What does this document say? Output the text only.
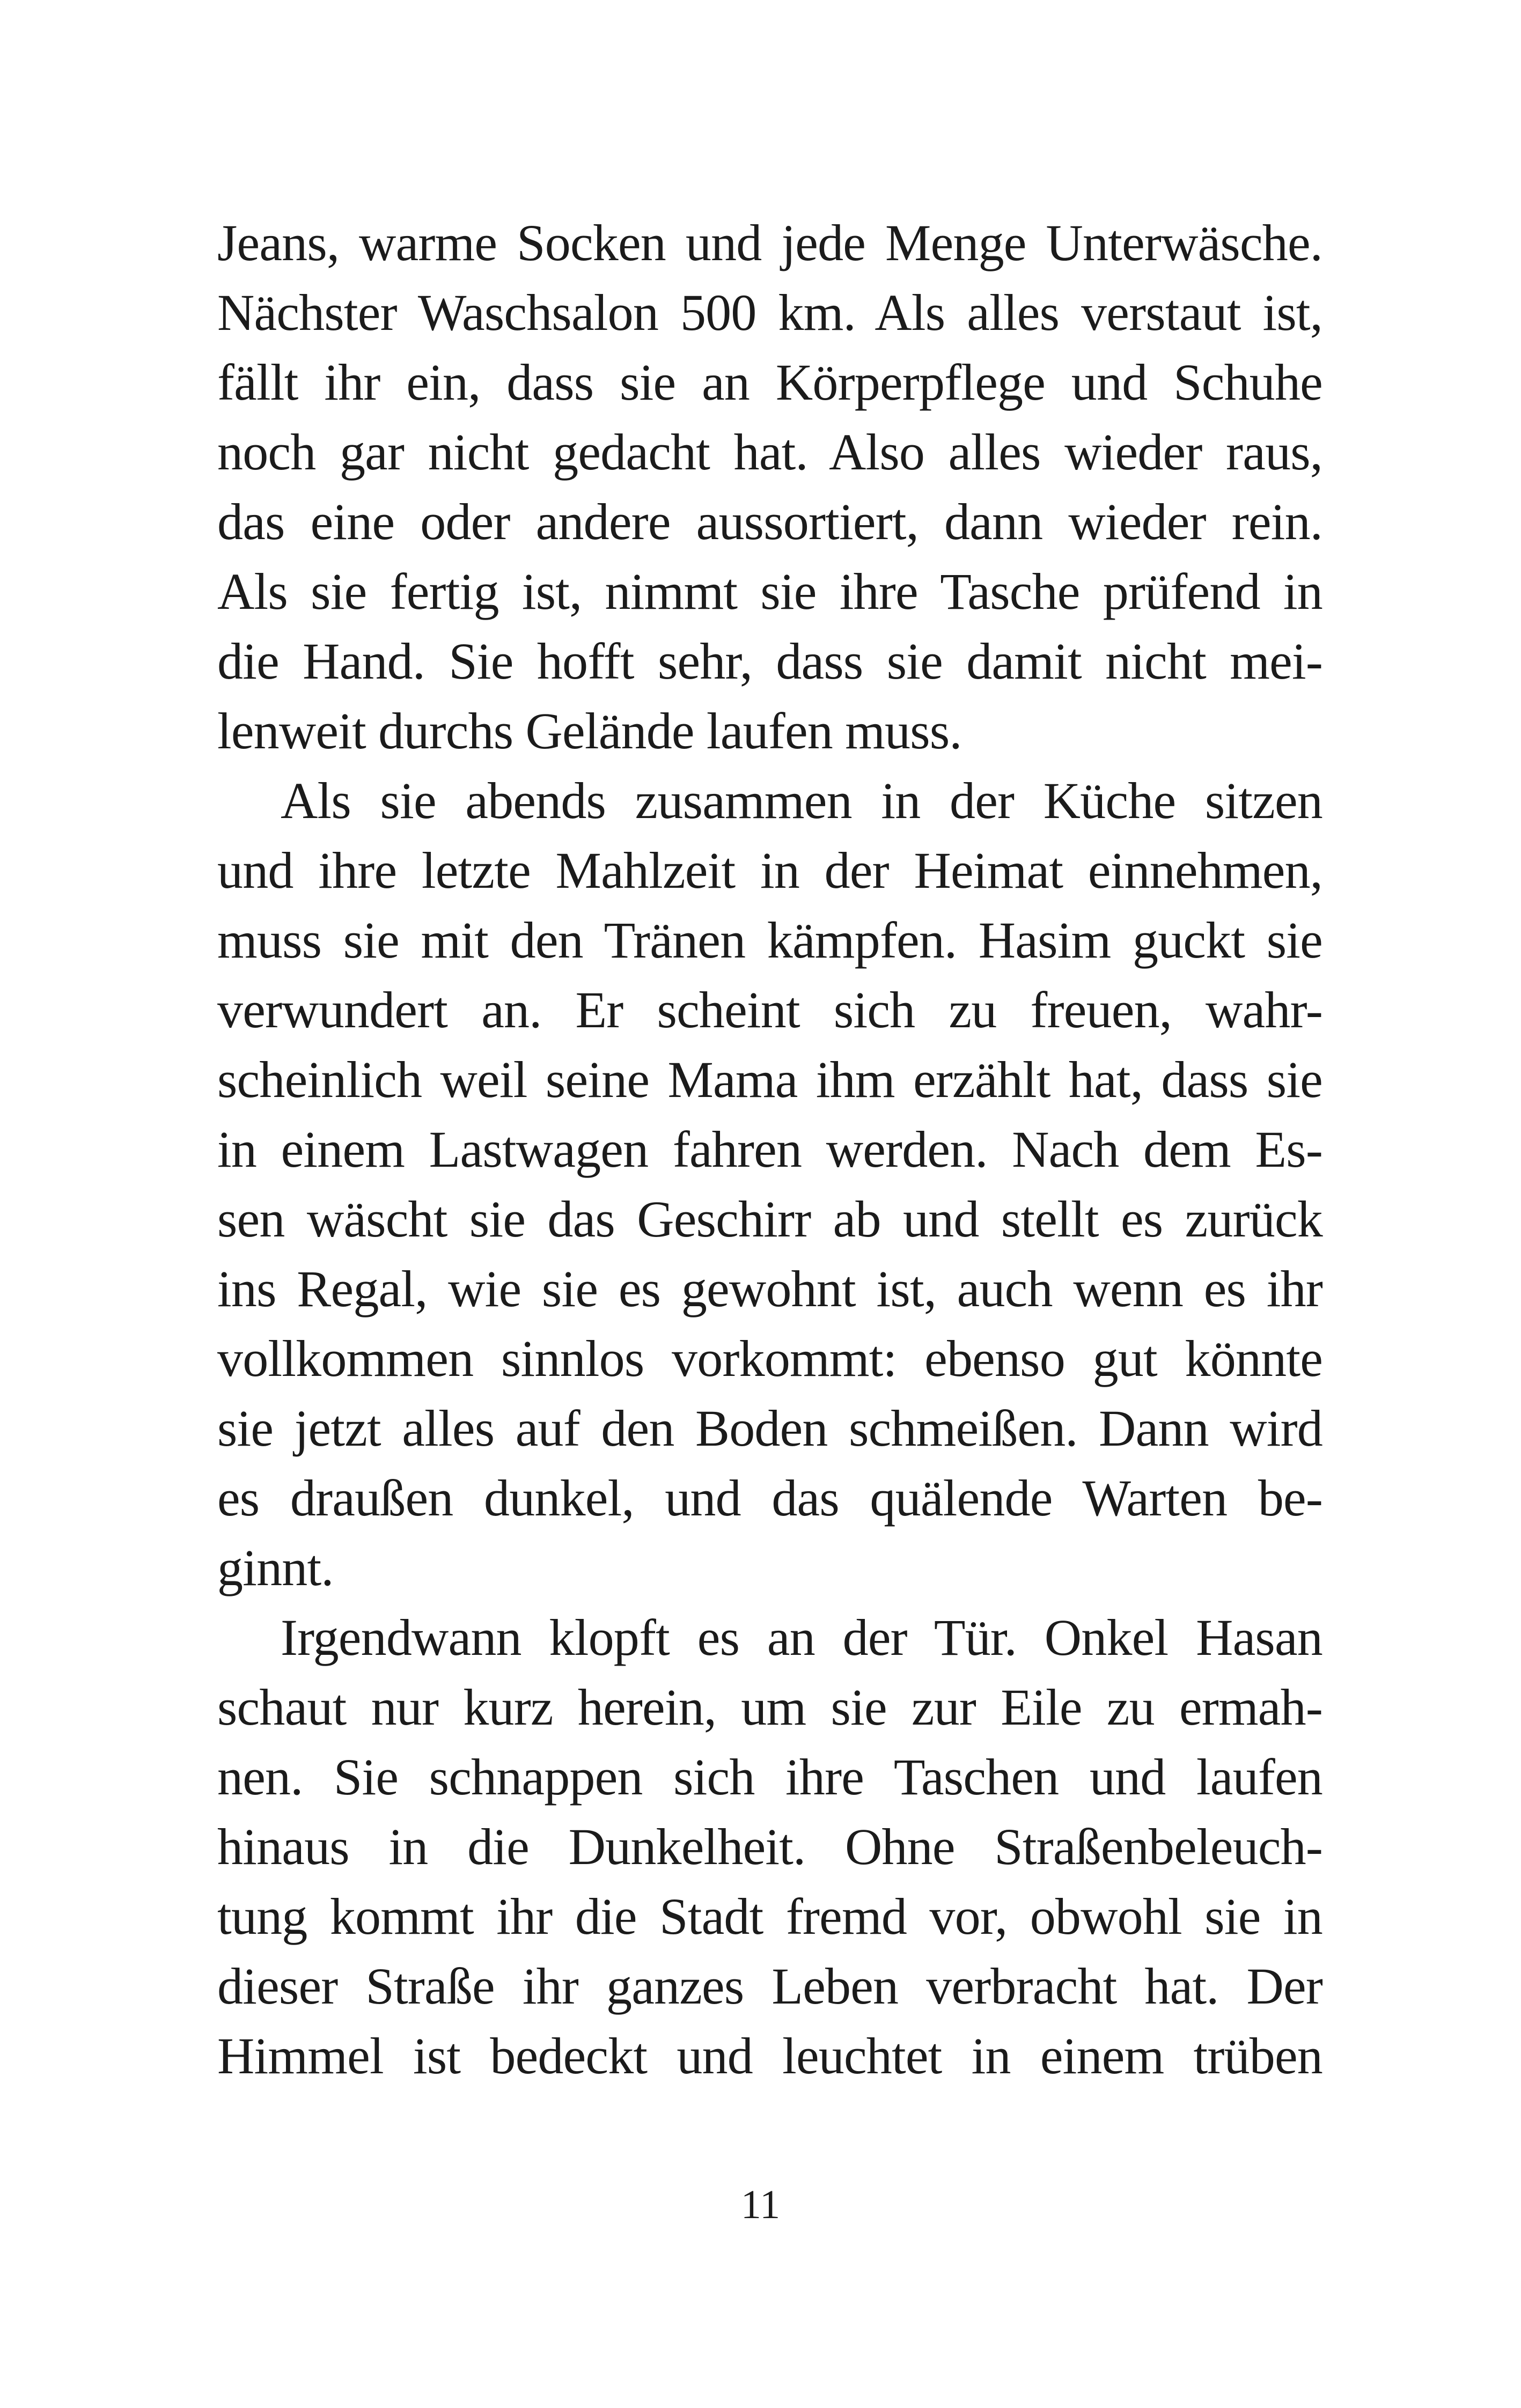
Jeans, warme Socken und jede Menge Unterwäsche.
Nächster Waschsalon 500 km. Als alles verstaut ist,
fällt ihr ein, dass sie an Körperpflege und Schuhe
noch gar nicht gedacht hat. Also alles wieder raus,
das eine oder andere aussortiert, dann wieder rein.
Als sie fertig ist, nimmt sie ihre Tasche prüfend in
die Hand. Sie hofft sehr, dass sie damit nicht mei-
lenweit durchs Gelände laufen muss.
Als sie abends zusammen in der Küche sitzen
und ihre letzte Mahlzeit in der Heimat einnehmen,
muss sie mit den Tränen kämpfen. Hasim guckt sie
verwundert an. Er scheint sich zu freuen, wahr-
scheinlich weil seine Mama ihm erzählt hat, dass sie
in einem Lastwagen fahren werden. Nach dem Es-
sen wäscht sie das Geschirr ab und stellt es zurück
ins Regal, wie sie es gewohnt ist, auch wenn es ihr
vollkommen sinnlos vorkommt: ebenso gut könnte
sie jetzt alles auf den Boden schmeißen. Dann wird
es draußen dunkel, und das quälende Warten be-
ginnt.
Irgendwann klopft es an der Tür. Onkel Hasan
schaut nur kurz herein, um sie zur Eile zu ermah-
nen. Sie schnappen sich ihre Taschen und laufen
hinaus in die Dunkelheit. Ohne Straßenbeleuch-
tung kommt ihr die Stadt fremd vor, obwohl sie in
dieser Straße ihr ganzes Leben verbracht hat. Der
Himmel ist bedeckt und leuchtet in einem trüben
11
